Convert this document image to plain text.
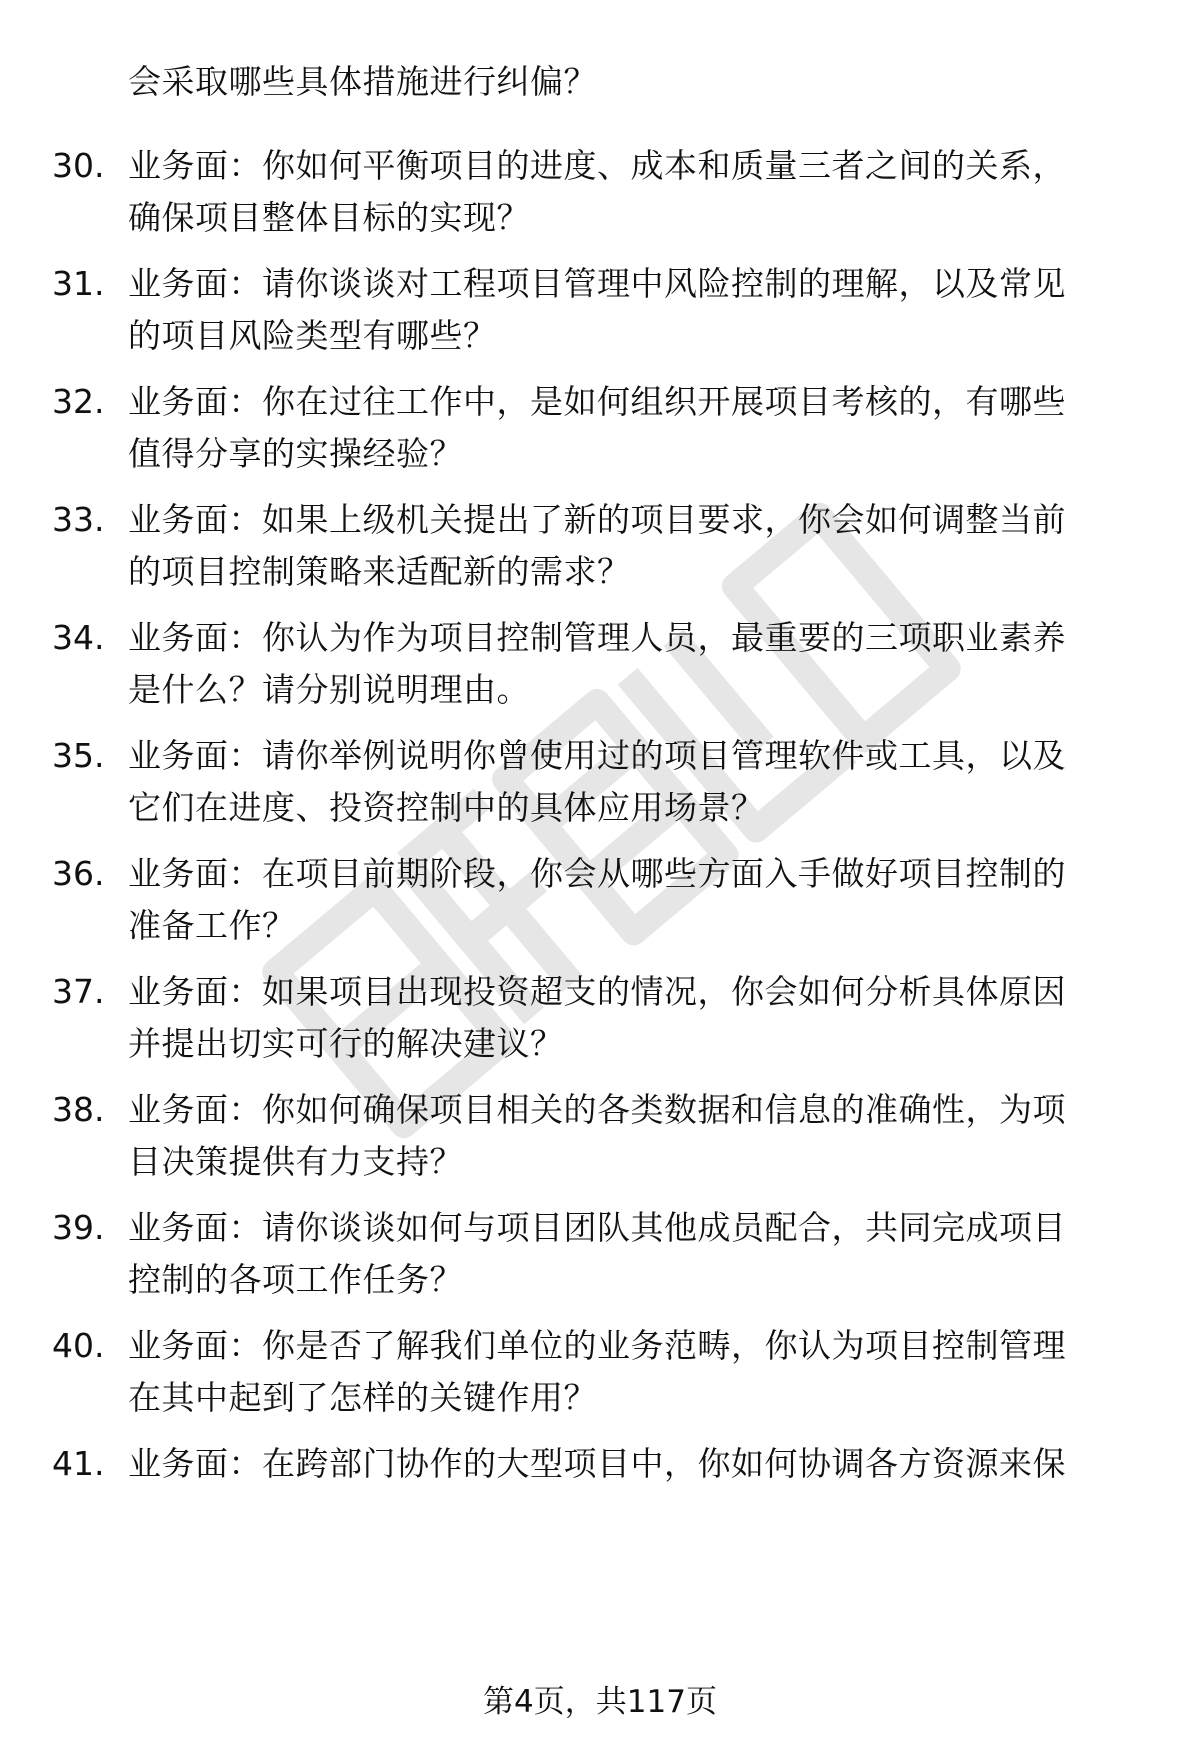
会采取哪些具体措施进行纠偏？
30. 业务面：你如何平衡项目的进度、成本和质量三者之间的关系，
确保项目整体目标的实现？
31. 业务面：请你谈谈对工程项目管理中风险控制的理解，以及常见
的项目风险类型有哪些？
32. 业务面：你在过往工作中，是如何组织开展项目考核的，有哪些
值得分享的实操经验？
33. 业务面：如果上级机关提出了新的项目要求，你会如何调整当前
的项目控制策略来适配新的需求？
34. 业务面：你认为作为项目控制管理人员，最重要的三项职业素养
是什么？请分别说明理由。
35. 业务面：请你举例说明你曾使用过的项目管理软件或工具，以及
它们在进度、投资控制中的具体应用场景？
36. 业务面：在项目前期阶段，你会从哪些方面入手做好项目控制的
准备工作？
37. 业务面：如果项目出现投资超支的情况，你会如何分析具体原因
并提出切实可行的解决建议？
38. 业务面：你如何确保项目相关的各类数据和信息的准确性，为项
目决策提供有力支持？
39. 业务面：请你谈谈如何与项目团队其他成员配合，共同完成项目
控制的各项工作任务？
40. 业务面：你是否了解我们单位的业务范畴，你认为项目控制管理
在其中起到了怎样的关键作用？
41. 业务面：在跨部门协作的大型项目中，你如何协调各方资源来保
第4页，共117页
